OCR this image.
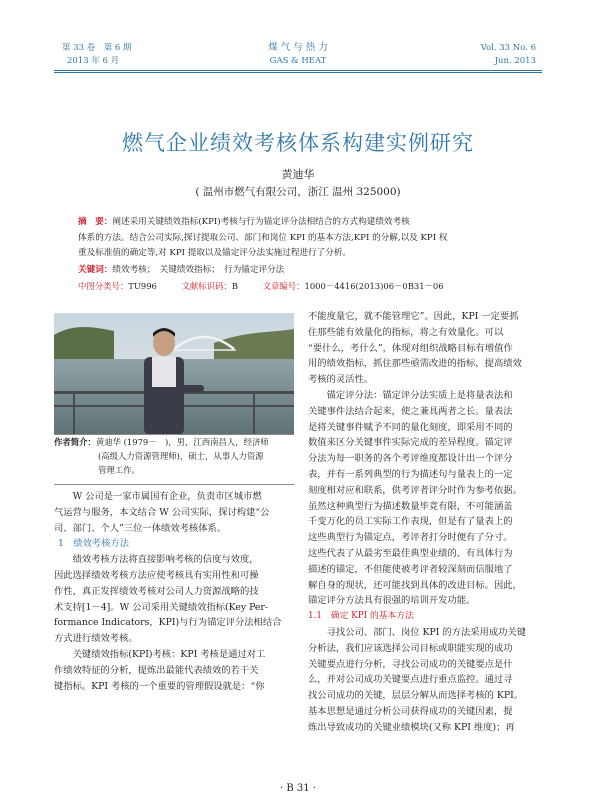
第 33 卷　第 6 期
2013 年 6 月
煤 气 与 热 力
GAS & HEAT
Vol. 33 No. 6
Jun. 2013
燃气企业绩效考核体系构建实例研究
黄迪华
( 温州市燃气有限公司，浙江 温州 325000)
摘　要：阐述采用关键绩效指标(KPI)考核与行为锚定评分法相结合的方式构建绩效考核
体系的方法。结合公司实际,探讨提取公司、部门和岗位 KPI 的基本方法,KPI 的分解,以及 KPI 权
重及标准值的确定等,对 KPI 提取以及锚定评分法实施过程进行了分析。
关键词：绩效考核；　关键绩效指标；　行为锚定评分法
中图分类号：TU996	文献标识码：B	文章编号：1000－4416(2013)06－0B31－06
作者简介：黄迪华 (1979－　)，男，江西南昌人，经济师
(高级人力资源管理师)，硕士，从事人力资源
管理工作。
W 公司是一家市属国有企业，负责市区城市燃
气运营与服务，本文结合 W 公司实际，探讨构建“公
司、部门、个人”三位一体绩效考核体系。
1　绩效考核方法
绩效考核方法将直接影响考核的信度与效度，
因此选择绩效考核方法应使考核具有实用性和可操
作性，真正发挥绩效考核对公司人力资源战略的技
术支持[1－4]。W 公司采用关键绩效指标(Key Per-
formance Indicators，KPI)与行为锚定评分法相结合
方式进行绩效考核。
关键绩效指标(KPI)考核：KPI 考核是通过对工
作绩效特征的分析，提炼出最能代表绩效的若干关
键指标。KPI 考核的一个重要的管理假设就是：“你
不能度量它，就不能管理它”。因此，KPI 一定要抓
住那些能有效量化的指标，将之有效量化。可以
“要什么，考什么”，体现对组织战略目标有增值作
用的绩效指标，抓住那些亟需改进的指标，提高绩效
考核的灵活性。
锚定评分法：锚定评分法实质上是将量表法和
关键事件法结合起来，使之兼具两者之长。量表法
是将关键事件赋予不同的量化刻度，即采用不同的
数值来区分关键事件实际完成的差异程度。锚定评
分法为每一职务的各个考评维度都设计出一个评分
表，并有一系列典型的行为描述句与量表上的一定
刻度相对应和联系，供考评者评分时作为参考依据。
虽然这种典型行为描述数量毕竟有限，不可能涵盖
千变万化的员工实际工作表现，但是有了量表上的
这些典型行为锚定点，考评者打分时便有了分寸。
这些代表了从最劣至最佳典型业绩的、有具体行为
描述的锚定，不但能使被考评者较深刻而信服地了
解自身的现状，还可能找到具体的改进目标。因此，
锚定评分方法具有很强的培训开发功能。
1.1　确定 KPI 的基本方法
寻找公司、部门、岗位 KPI 的方法采用成功关键
分析法，我们应该选择公司目标或职能实现的成功
关键要点进行分析，寻找公司成功的关键要点是什
么，并对公司成功关键要点进行重点监控。通过寻
找公司成功的关键，层层分解从而选择考核的 KPI。
基本思想是通过分析公司获得成功的关键因素，提
炼出导致成功的关键业绩模块(又称 KPI 维度)；再
· B 31 ·
